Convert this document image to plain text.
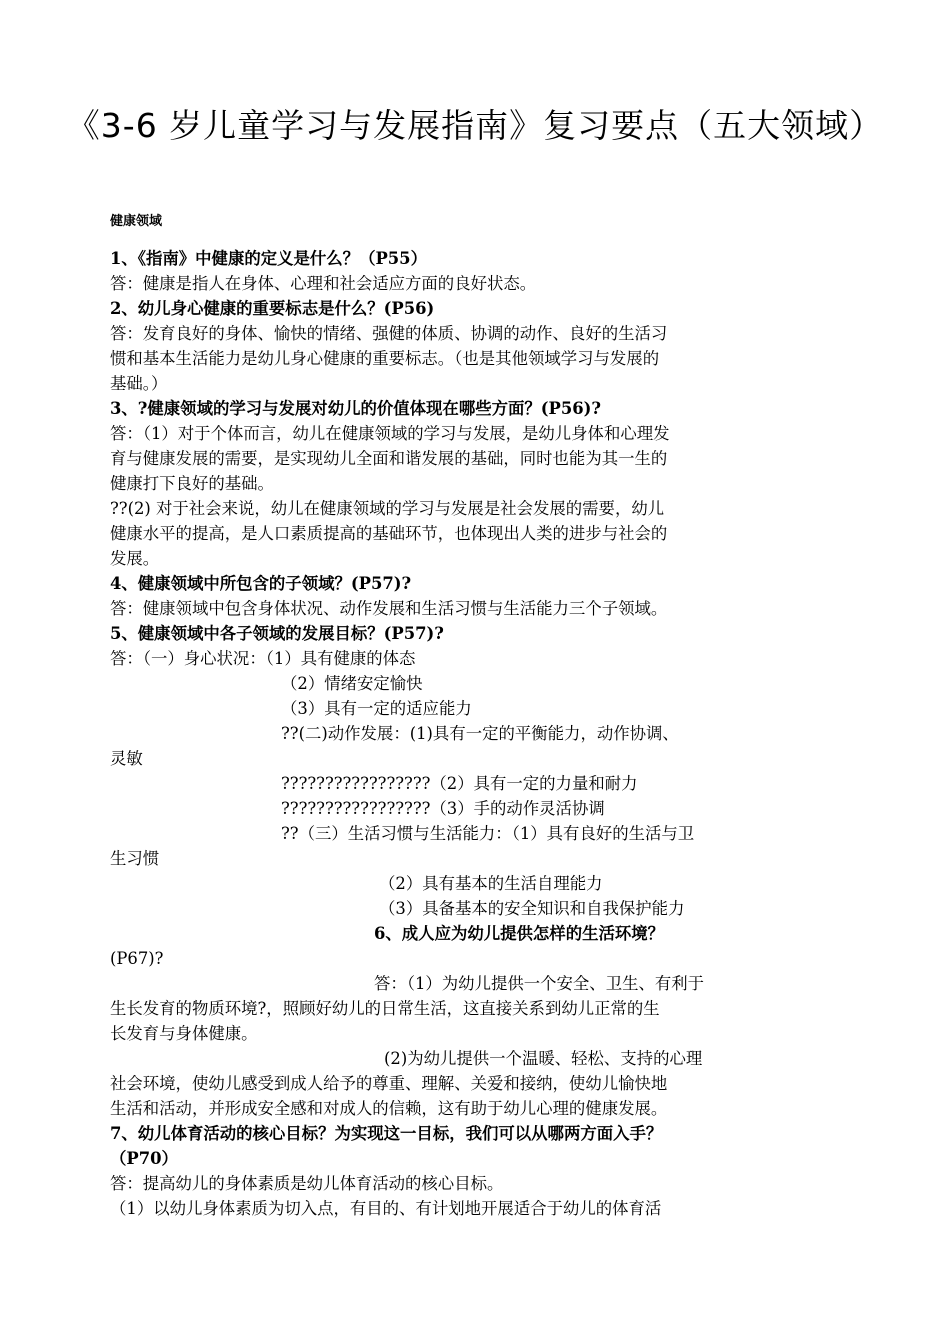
《3-6 岁儿童学习与发展指南》复习要点（五大领域）
健康领域
1、《指南》中健康的定义是什么？（P55）
答：健康是指人在身体、心理和社会适应方面的良好状态。
2、幼儿身心健康的重要标志是什么？(P56)
答：发育良好的身体、愉快的情绪、强健的体质、协调的动作、良好的生活习
惯和基本生活能力是幼儿身心健康的重要标志。（也是其他领域学习与发展的
基础。）
3、?健康领域的学习与发展对幼儿的价值体现在哪些方面？(P56)?
答：（1）对于个体而言，幼儿在健康领域的学习与发展，是幼儿身体和心理发
育与健康发展的需要，是实现幼儿全面和谐发展的基础，同时也能为其一生的
健康打下良好的基础。
??(2) 对于社会来说，幼儿在健康领域的学习与发展是社会发展的需要，幼儿
健康水平的提高，是人口素质提高的基础环节，也体现出人类的进步与社会的
发展。
4、健康领域中所包含的子领域？(P57)?
答：健康领域中包含身体状况、动作发展和生活习惯与生活能力三个子领域。
5、健康领域中各子领域的发展目标？(P57)?
答：（一）身心状况：（1）具有健康的体态
（2）情绪安定愉快
（3）具有一定的适应能力
??(二)动作发展：(1)具有一定的平衡能力，动作协调、
灵敏
?????????????????（2）具有一定的力量和耐力
?????????????????（3）手的动作灵活协调
??（三）生活习惯与生活能力：（1）具有良好的生活与卫
生习惯
（2）具有基本的生活自理能力
（3）具备基本的安全知识和自我保护能力
6、成人应为幼儿提供怎样的生活环境？
(P67)?
答：（1）为幼儿提供一个安全、卫生、有利于
生长发育的物质环境?，照顾好幼儿的日常生活，这直接关系到幼儿正常的生
长发育与身体健康。
(2)为幼儿提供一个温暖、轻松、支持的心理
社会环境，使幼儿感受到成人给予的尊重、理解、关爱和接纳，使幼儿愉快地
生活和活动，并形成安全感和对成人的信赖，这有助于幼儿心理的健康发展。
7、幼儿体育活动的核心目标？为实现这一目标，我们可以从哪两方面入手？
（P70）
答：提高幼儿的身体素质是幼儿体育活动的核心目标。
（1）以幼儿身体素质为切入点，有目的、有计划地开展适合于幼儿的体育活
